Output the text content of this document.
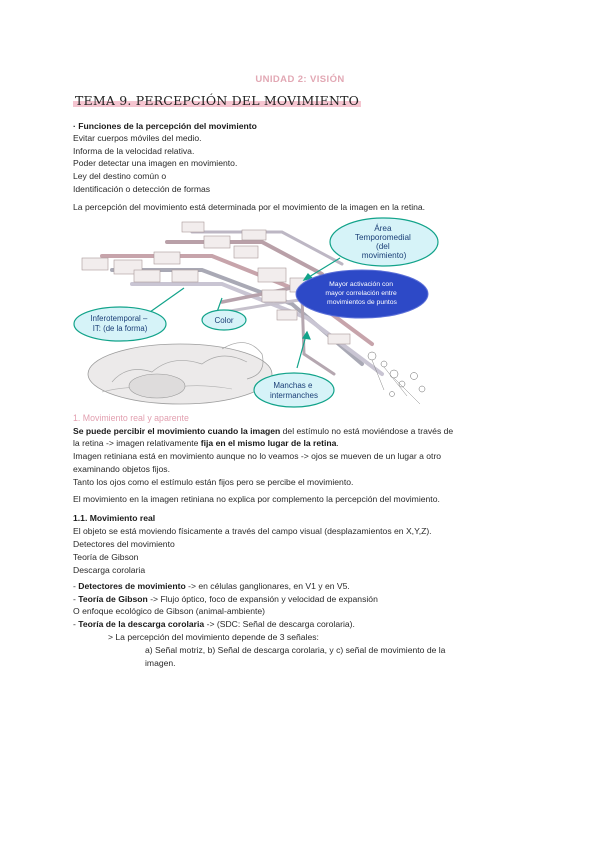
UNIDAD 2: VISIÓN
TEMA 9. PERCEPCIÓN DEL MOVIMIENTO
· Funciones de la percepción del movimiento
Evitar cuerpos móviles del medio.
Informa de la velocidad relativa.
Poder detectar una imagen en movimiento.
Ley del destino común o
Identificación o detección de formas
La percepción del movimiento está determinada por el movimiento de la imagen en la retina.
Área Temporomedial (del movimiento)
Mayor activación con mayor correlación entre movimientos de puntos
Inferotemporal – IT: (de la forma)
Color
Manchas e intermanches
1. Movimiento real y aparente
Se puede percibir el movimiento cuando la imagen del estímulo no está moviéndose a través de
la retina -> imagen relativamente fija en el mismo lugar de la retina.
Imagen retiniana está en movimiento aunque no lo veamos -> ojos se mueven de un lugar a otro
examinando objetos fijos.
Tanto los ojos como el estímulo están fijos pero se percibe el movimiento.
El movimiento en la imagen retiniana no explica por complemento la percepción del movimiento.
1.1. Movimiento real
El objeto se está moviendo físicamente a través del campo visual (desplazamientos en X,Y,Z).
Detectores del movimiento
Teoría de Gibson
Descarga corolaria
- Detectores de movimiento -> en células ganglionares, en V1 y en V5.
- Teoría de Gibson -> Flujo óptico, foco de expansión y velocidad de expansión
O enfoque ecológico de Gibson (animal-ambiente)
- Teoría de la descarga corolaria -> (SDC: Señal de descarga corolaria).
> La percepción del movimiento depende de 3 señales:
a) Señal motriz, b) Señal de descarga corolaria, y c) señal de movimiento de la
imagen.
